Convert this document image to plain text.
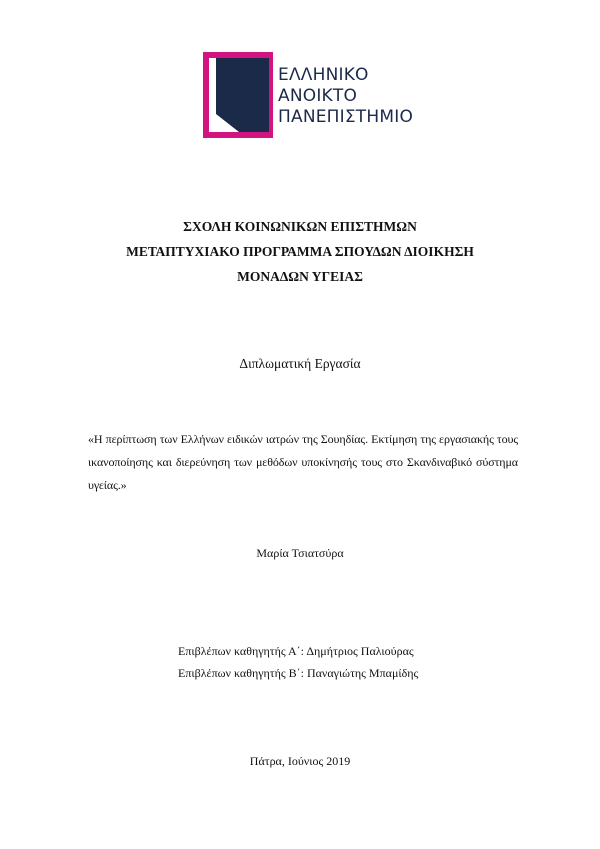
ΕΛΛΗΝΙΚΟ
ΑΝΟΙΚΤΟ
ΠΑΝΕΠΙΣΤΗΜΙΟ
ΣΧΟΛΗ ΚΟΙΝΩΝΙΚΩΝ ΕΠΙΣΤΗΜΩΝ
ΜΕΤΑΠΤΥΧΙΑΚΟ ΠΡΟΓΡΑΜΜΑ ΣΠΟΥΔΩΝ ΔΙΟΙΚΗΣΗ
ΜΟΝΑΔΩΝ ΥΓΕΙΑΣ
Διπλωματική Εργασία
«Η περίπτωση των Ελλήνων ειδικών ιατρών της Σουηδίας. Εκτίμηση της εργασιακής τους ικανοποίησης και διερεύνηση των μεθόδων υποκίνησής τους στο Σκανδιναβικό σύστημα υγείας.»
Μαρία Τσιατσύρα
Επιβλέπων καθηγητής Α΄: Δημήτριος Παλιούρας
Επιβλέπων καθηγητής Β΄: Παναγιώτης Μπαμίδης
Πάτρα, Ιούνιος 2019
